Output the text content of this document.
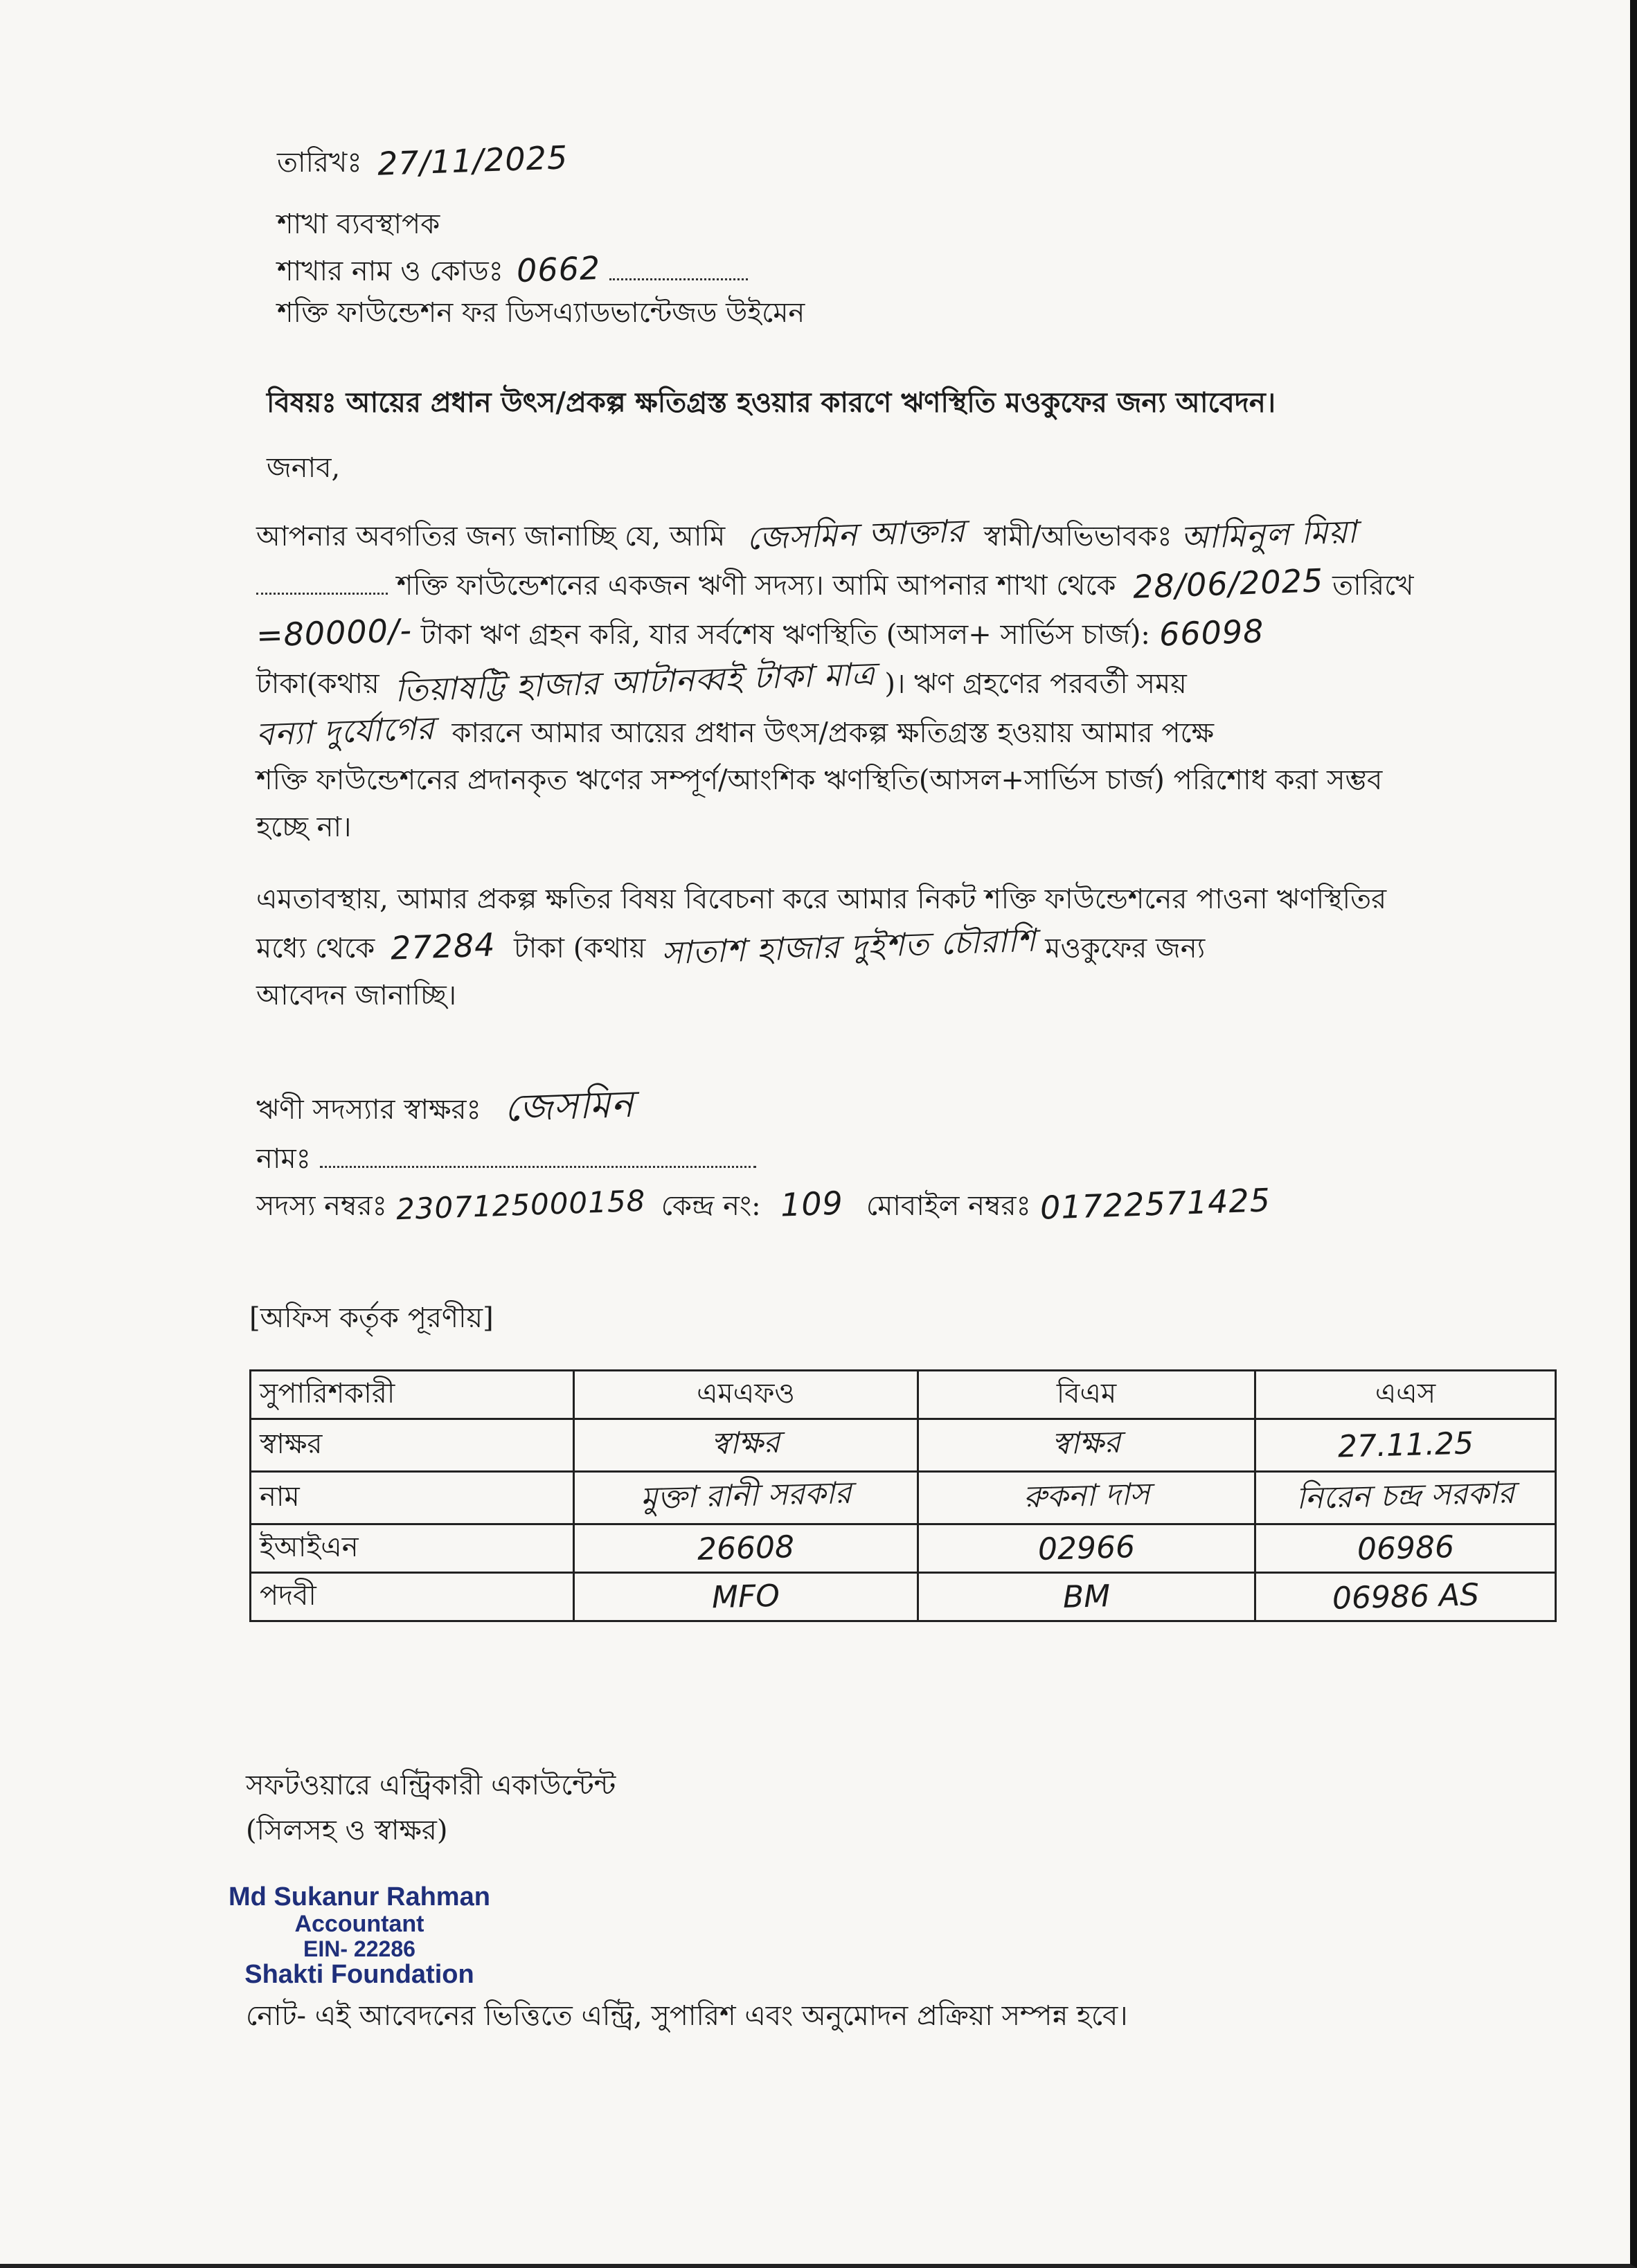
তারিখঃ 27/11/2025
শাখা ব্যবস্থাপক
শাখার নাম ও কোডঃ 0662
শক্তি ফাউন্ডেশন ফর ডিসএ্যাডভান্টেজড উইমেন
বিষয়ঃ আয়ের প্রধান উৎস/প্রকল্প ক্ষতিগ্রস্ত হওয়ার কারণে ঋণস্থিতি মওকুফের জন্য আবেদন।
জনাব,
আপনার অবগতির জন্য জানাচ্ছি যে, আমি জেসমিন আক্তার স্বামী/অভিভাবকঃ আমিনুল মিয়া
শক্তি ফাউন্ডেশনের একজন ঋণী সদস্য। আমি আপনার শাখা থেকে 28/06/2025 তারিখে
=80000/- টাকা ঋণ গ্রহন করি, যার সর্বশেষ ঋণস্থিতি (আসল+ সার্ভিস চার্জ): 66098
টাকা(কথায় তিয়াষট্টি হাজার আটানব্বই টাকা মাত্র )। ঋণ গ্রহণের পরবর্তী সময়
বন্যা দুর্যোগের কারনে আমার আয়ের প্রধান উৎস/প্রকল্প ক্ষতিগ্রস্ত হওয়ায় আমার পক্ষে
শক্তি ফাউন্ডেশনের প্রদানকৃত ঋণের সম্পূর্ণ/আংশিক ঋণস্থিতি(আসল+সার্ভিস চার্জ) পরিশোধ করা সম্ভব
হচ্ছে না।
এমতাবস্থায়, আমার প্রকল্প ক্ষতির বিষয় বিবেচনা করে আমার নিকট শক্তি ফাউন্ডেশনের পাওনা ঋণস্থিতির
মধ্যে থেকে 27284 টাকা (কথায় সাতাশ হাজার দুইশত চৌরাশি মওকুফের জন্য
আবেদন জানাচ্ছি।
ঋণী সদস্যার স্বাক্ষরঃ জেসমিন
নামঃ
সদস্য নম্বরঃ 2307125000158 কেন্দ্র নং: 109 মোবাইল নম্বরঃ 01722571425
[অফিস কর্তৃক পূরণীয়]
সুপারিশকারী	এমএফও	বিএম	এএস
স্বাক্ষর	স্বাক্ষর	স্বাক্ষর	27.11.25
নাম	মুক্তা রানী সরকার	রুকনা দাস	নিরেন চন্দ্র সরকার
ইআইএন	26608	02966	06986
পদবী	MFO	BM	06986 AS
সফটওয়ারে এন্ট্রিকারী একাউন্টেন্ট
(সিলসহ ও স্বাক্ষর)
Md Sukanur Rahman
Accountant
EIN- 22286
Shakti Foundation
নোট- এই আবেদনের ভিত্তিতে এন্ট্রি, সুপারিশ এবং অনুমোদন প্রক্রিয়া সম্পন্ন হবে।
